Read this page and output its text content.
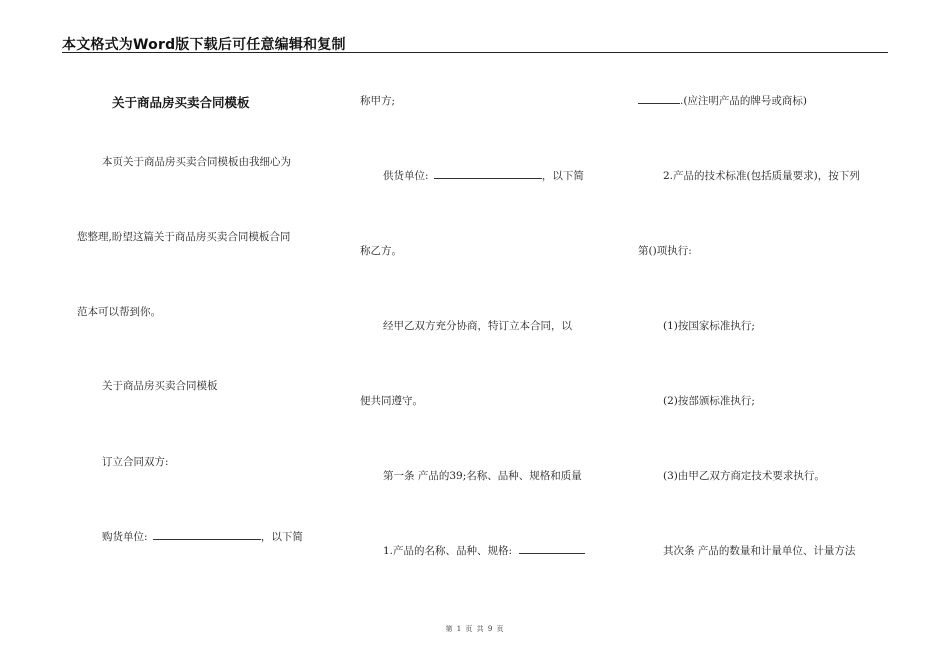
本文格式为Word版下载后可任意编辑和复制
关于商品房买卖合同模板
本页关于商品房买卖合同模板由我细心为
您整理,盼望这篇关于商品房买卖合同模板合同
范本可以帮到你。
关于商品房买卖合同模板
订立合同双方:
购货单位:	，以下简
称甲方;
供货单位:	，以下简
称乙方。
经甲乙双方充分协商，特订立本合同，以
便共同遵守。
第一条 产品的39;名称、品种、规格和质量
1.产品的名称、品种、规格:
.(应注明产品的牌号或商标)
2.产品的技术标准(包括质量要求)，按下列
第()项执行:
(1)按国家标准执行;
(2)按部颁标准执行;
(3)由甲乙双方商定技术要求执行。
其次条 产品的数量和计量单位、计量方法
第 1 页 共 9 页
